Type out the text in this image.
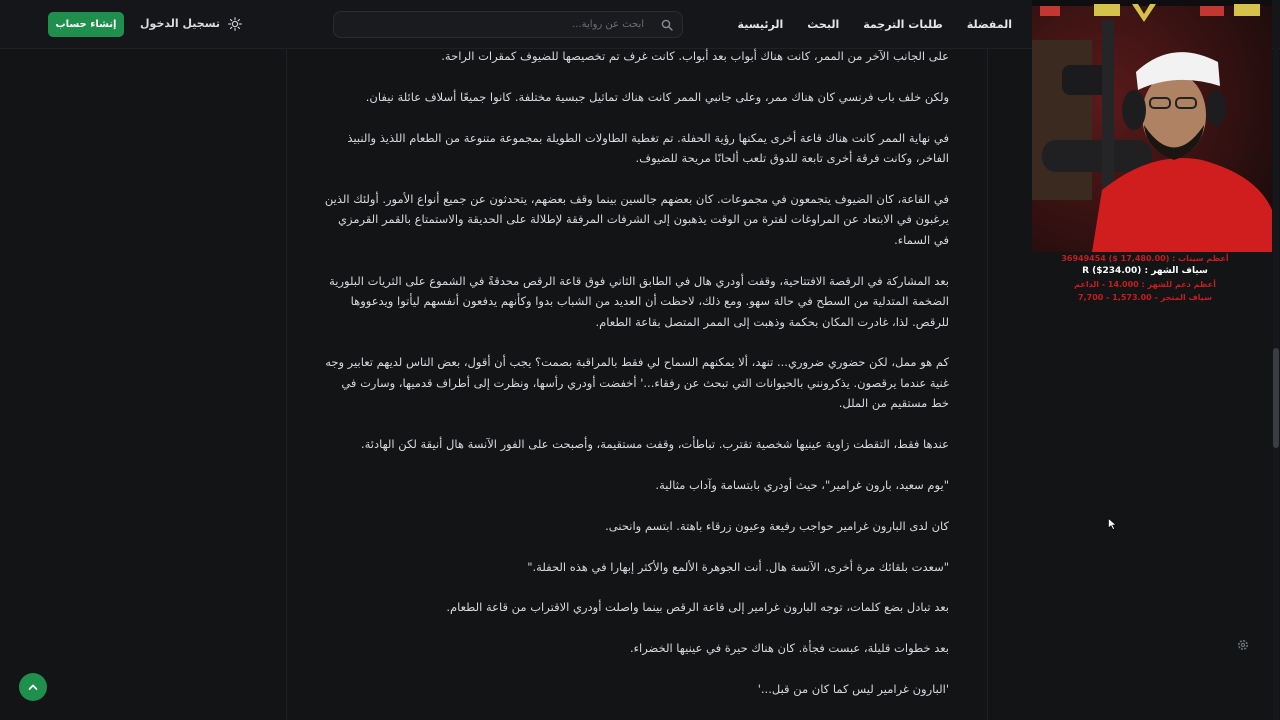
الرئيسية البحث طلبات الترجمة المفضلة
ابحث عن رواية...
تسجيل الدخول
إنشاء حساب

على الجانب الآخر من الممر، كانت هناك أبواب بعد أبواب. كانت غرف تم تخصيصها للضيوف كمقرات الراحة.

ولكن خلف باب فرنسي كان هناك ممر، وعلى جانبي الممر كانت هناك تماثيل جبسية مختلفة. كانوا جميعًا أسلاف عائلة نيفان.

في نهاية الممر كانت هناك قاعة أخرى يمكنها رؤية الحفلة. تم تغطية الطاولات الطويلة بمجموعة متنوعة من الطعام اللذيذ والنبيذ الفاخر، وكانت فرقة أخرى تابعة للدوق تلعب ألحانًا مريحة للضيوف.

في القاعة، كان الضيوف يتجمعون في مجموعات. كان بعضهم جالسين بينما وقف بعضهم، يتحدثون عن جميع أنواع الأمور. أولئك الذين يرغبون في الابتعاد عن المراوغات لفترة من الوقت يذهبون إلى الشرفات المرفقة لإطلالة على الحديقة والاستمتاع بالقمر القرمزي في السماء.

بعد المشاركة في الرقصة الافتتاحية، وقفت أودري هال في الطابق الثاني فوق قاعة الرقص محدقةً في الشموع على الثريات البلورية الضخمة المتدلية من السطح في حالة سهو. ومع ذلك، لاحظت أن العديد من الشباب بدوا وكأنهم يدفعون أنفسهم ليأتوا ويدعووها للرقص. لذا، غادرت المكان بحكمة وذهبت إلى الممر المتصل بقاعة الطعام.

كم هو ممل، لكن حضوري ضروري... تنهد، ألا يمكنهم السماح لي فقط بالمراقبة بصمت؟ يجب أن أقول، بعض الناس لديهم تعابير وجه غنية عندما يرقصون. يذكرونني بالحيوانات التي تبحث عن رفقاء...' أخفضت أودري رأسها، ونظرت إلى أطراف قدميها، وسارت في خط مستقيم من الملل.

عندها فقط، التقطت زاوية عينيها شخصية تقترب. تباطأت، وقفت مستقيمة، وأصبحت على الفور الآنسة هال أنيقة لكن الهادئة.

"يوم سعيد، بارون غرامير"، حيث أودري بابتسامة وآداب مثالية.

كان لدى البارون غرامير حواجب رفيعة وعيون زرقاء باهتة. ابتسم وانحنى.

"سعدت بلقائك مرة أخرى، الآنسة هال. أنت الجوهرة الألمع والأكثر إبهارا في هذه الحفلة."

بعد تبادل بضع كلمات، توجه البارون غرامير إلى قاعة الرقص بينما واصلت أودري الاقتراب من قاعة الطعام.

بعد خطوات قليلة، عبست فجأة. كان هناك حيرة في عينيها الخضراء.

'البارون غرامير ليس كما كان من قبل...'

أعظم سيناب : (17,480.00 $) 36949454
سياف الشهر : (234.00$) R
أعظم دعم للشهر : 14.000 - الداعم
سياف المتجر - 1,573.00 - 7,700
